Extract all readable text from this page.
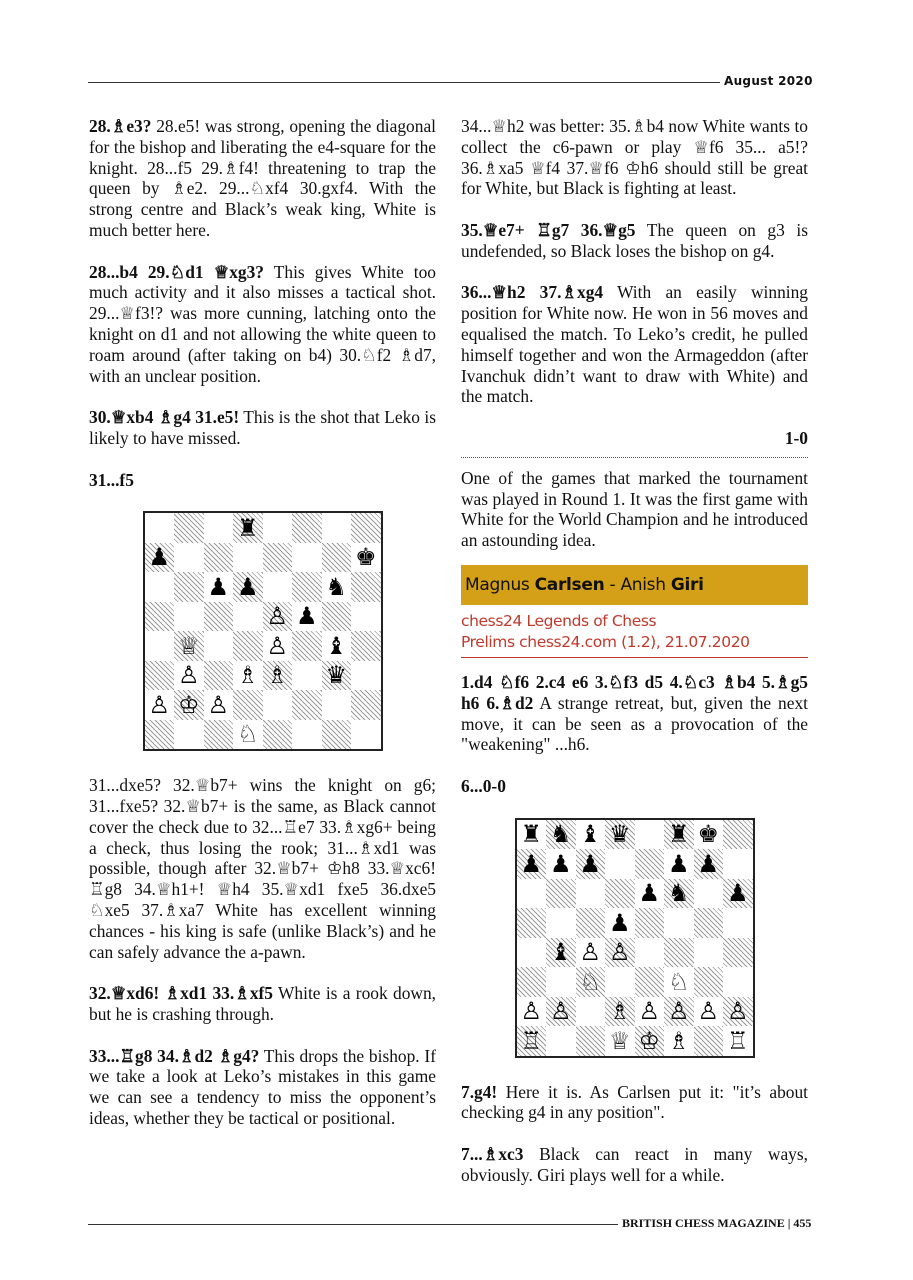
August 2020

28.♗e3? 28.e5! was strong, opening the diagonal for the bishop and liberating the e4-square for the knight. 28...f5 29.♗f4! threatening to trap the queen by ♗e2. 29...♘xf4 30.gxf4. With the strong centre and Black’s weak king, White is much better here.

28...b4 29.♘d1 ♕xg3? This gives White too much activity and it also misses a tactical shot. 29...♕f3!? was more cunning, latching onto the knight on d1 and not allowing the white queen to roam around (after taking on b4) 30.♘f2 ♗d7, with an unclear position.

30.♕xb4 ♗g4 31.e5! This is the shot that Leko is likely to have missed.

31...f5

♜
♟	♚
♟ ♟	♞
♙ ♟
♕	♙ ♝
♙ ♗ ♗ ♛
♙ ♔ ♙
♘

31...dxe5? 32.♕b7+ wins the knight on g6; 31...fxe5? 32.♕b7+ is the same, as Black cannot cover the check due to 32...♖e7 33.♗xg6+ being a check, thus losing the rook; 31...♗xd1 was possible, though after 32.♕b7+ ♔h8 33.♕xc6! ♖g8 34.♕h1+! ♕h4 35.♕xd1 fxe5 36.dxe5 ♘xe5 37.♗xa7 White has excellent winning chances - his king is safe (unlike Black’s) and he can safely advance the a-pawn.

32.♕xd6! ♗xd1 33.♗xf5 White is a rook down, but he is crashing through.

33...♖g8 34.♗d2 ♗g4? This drops the bishop. If we take a look at Leko’s mistakes in this game we can see a tendency to miss the opponent’s ideas, whether they be tactical or positional.

34...♕h2 was better: 35.♗b4 now White wants to collect the c6-pawn or play ♕f6 35... a5!? 36.♗xa5 ♕f4 37.♕f6 ♔h6 should still be great for White, but Black is fighting at least.

35.♕e7+ ♖g7 36.♕g5 The queen on g3 is undefended, so Black loses the bishop on g4.

36...♕h2 37.♗xg4 With an easily winning position for White now. He won in 56 moves and equalised the match. To Leko’s credit, he pulled himself together and won the Armageddon (after Ivanchuk didn’t want to draw with White) and the match.

1-0

One of the games that marked the tournament was played in Round 1. It was the first game with White for the World Champion and he introduced an astounding idea.

Magnus Carlsen - Anish Giri
chess24 Legends of Chess
Prelims chess24.com (1.2), 21.07.2020

1.d4 ♘f6 2.c4 e6 3.♘f3 d5 4.♘c3 ♗b4 5.♗g5 h6 6.♗d2 A strange retreat, but, given the next move, it can be seen as a provocation of the "weakening" ...h6.

6...0-0

♜ ♞ ♝ ♛ ♜ ♚
♟ ♟ ♟	♟ ♟
♟ ♞ ♟
♟
♝ ♙ ♙
♘	♘
♙ ♙ ♗ ♙ ♙ ♙ ♙
♖	♕ ♔ ♗ ♖

7.g4! Here it is. As Carlsen put it: "it’s about checking g4 in any position".

7...♗xc3 Black can react in many ways, obviously. Giri plays well for a while.

BRITISH CHESS MAGAZINE | 455
